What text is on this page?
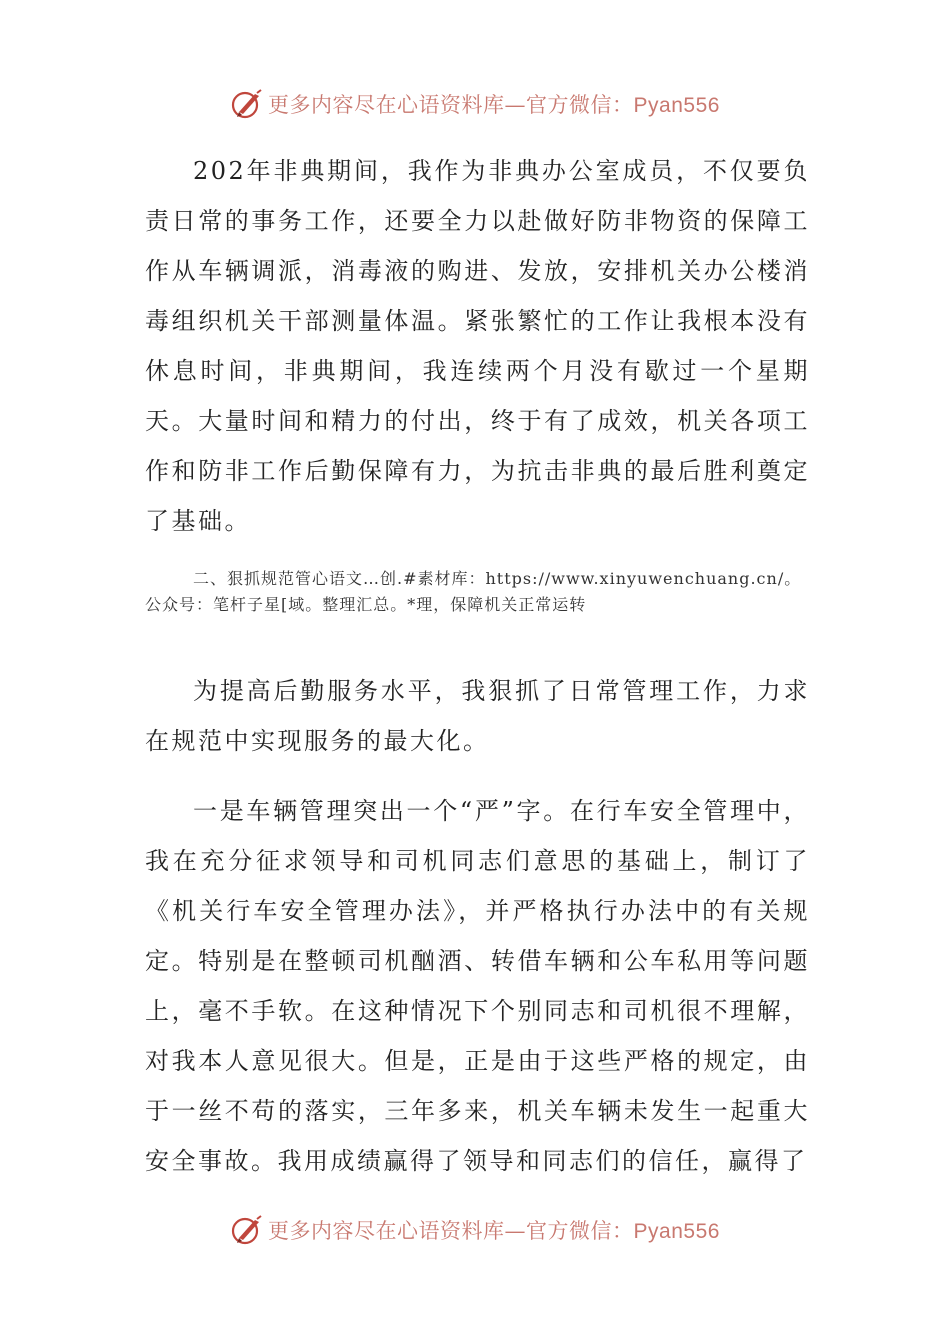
更多内容尽在心语资料库—官方微信：Pyan556

202年非典期间，我作为非典办公室成员，不仅要负责日常的事务工作，还要全力以赴做好防非物资的保障工作从车辆调派，消毒液的购进、发放，安排机关办公楼消毒组织机关干部测量体温。紧张繁忙的工作让我根本没有休息时间，非典期间，我连续两个月没有歇过一个星期天。大量时间和精力的付出，终于有了成效，机关各项工作和防非工作后勤保障有力，为抗击非典的最后胜利奠定了基础。

二、狠抓规范管心语文…创.#素材库：https://www.xinyuwenchuang.cn/。公众号：笔杆子星[域。整理汇总。*理，保障机关正常运转

为提高后勤服务水平，我狠抓了日常管理工作，力求在规范中实现服务的最大化。

一是车辆管理突出一个“严”字。在行车安全管理中，我在充分征求领导和司机同志们意思的基础上，制订了《机关行车安全管理办法》，并严格执行办法中的有关规定。特别是在整顿司机酗酒、转借车辆和公车私用等问题上，毫不手软。在这种情况下个别同志和司机很不理解，对我本人意见很大。但是，正是由于这些严格的规定，由于一丝不苟的落实，三年多来，机关车辆未发生一起重大安全事故。我用成绩赢得了领导和同志们的信任，赢得了

更多内容尽在心语资料库—官方微信：Pyan556
